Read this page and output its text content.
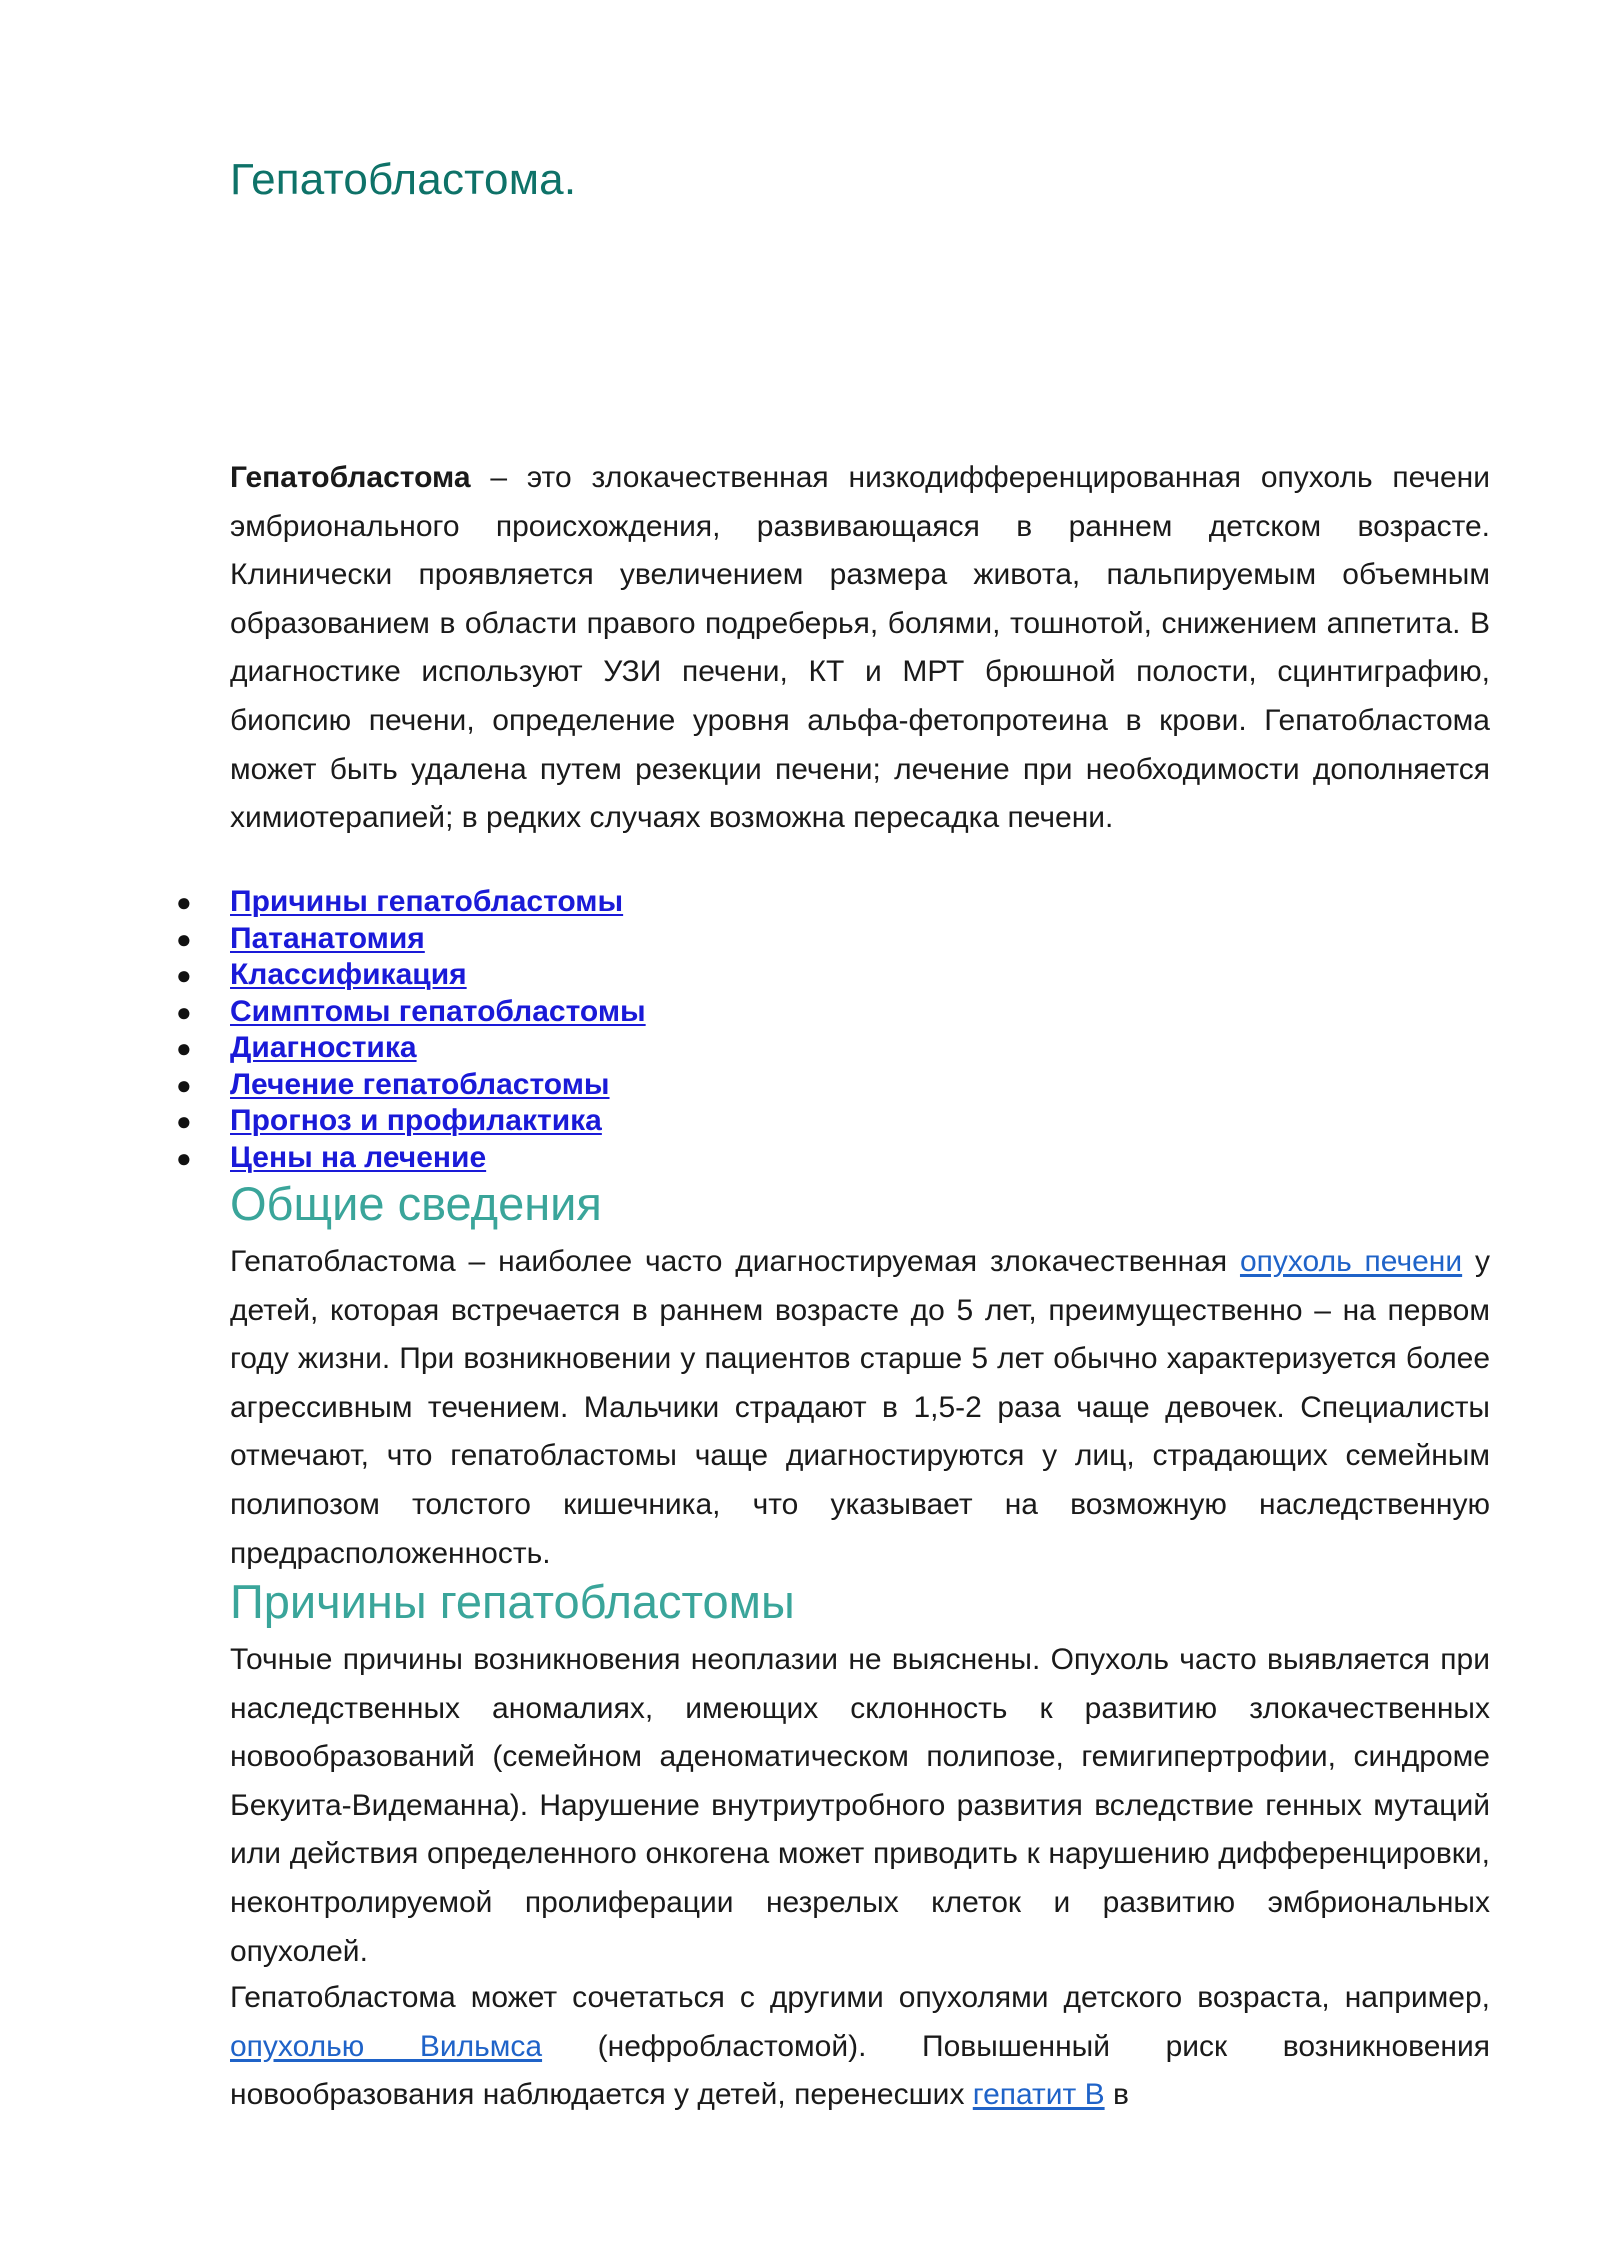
Гепатобластома.

Гепатобластома – это злокачественная низкодифференцированная опухоль печени эмбрионального происхождения, развивающаяся в раннем детском возрасте. Клинически проявляется увеличением размера живота, пальпируемым объемным образованием в области правого подреберья, болями, тошнотой, снижением аппетита. В диагностике используют УЗИ печени, КТ и МРТ брюшной полости, сцинтиграфию, биопсию печени, определение уровня альфа-фетопротеина в крови. Гепатобластома может быть удалена путем резекции печени; лечение при необходимости дополняется химиотерапией; в редких случаях возможна пересадка печени.

● Причины гепатобластомы
● Патанатомия
● Классификация
● Симптомы гепатобластомы
● Диагностика
● Лечение гепатобластомы
● Прогноз и профилактика
● Цены на лечение
Общие сведения

Гепатобластома – наиболее часто диагностируемая злокачественная опухоль печени у детей, которая встречается в раннем возрасте до 5 лет, преимущественно – на первом году жизни. При возникновении у пациентов старше 5 лет обычно характеризуется более агрессивным течением. Мальчики страдают в 1,5-2 раза чаще девочек. Специалисты отмечают, что гепатобластомы чаще диагностируются у лиц, страдающих семейным полипозом толстого кишечника, что указывает на возможную наследственную предрасположенность.

Причины гепатобластомы

Точные причины возникновения неоплазии не выяснены. Опухоль часто выявляется при наследственных аномалиях, имеющих склонность к развитию злокачественных новообразований (семейном аденоматическом полипозе, гемигипертрофии, синдроме Бекуита-Видеманна). Нарушение внутриутробного развития вследствие генных мутаций или действия определенного онкогена может приводить к нарушению дифференцировки, неконтролируемой пролиферации незрелых клеток и развитию эмбриональных опухолей.

Гепатобластома может сочетаться с другими опухолями детского возраста, например, опухолью Вильмса (нефробластомой). Повышенный риск возникновения новообразования наблюдается у детей, перенесших гепатит В в
